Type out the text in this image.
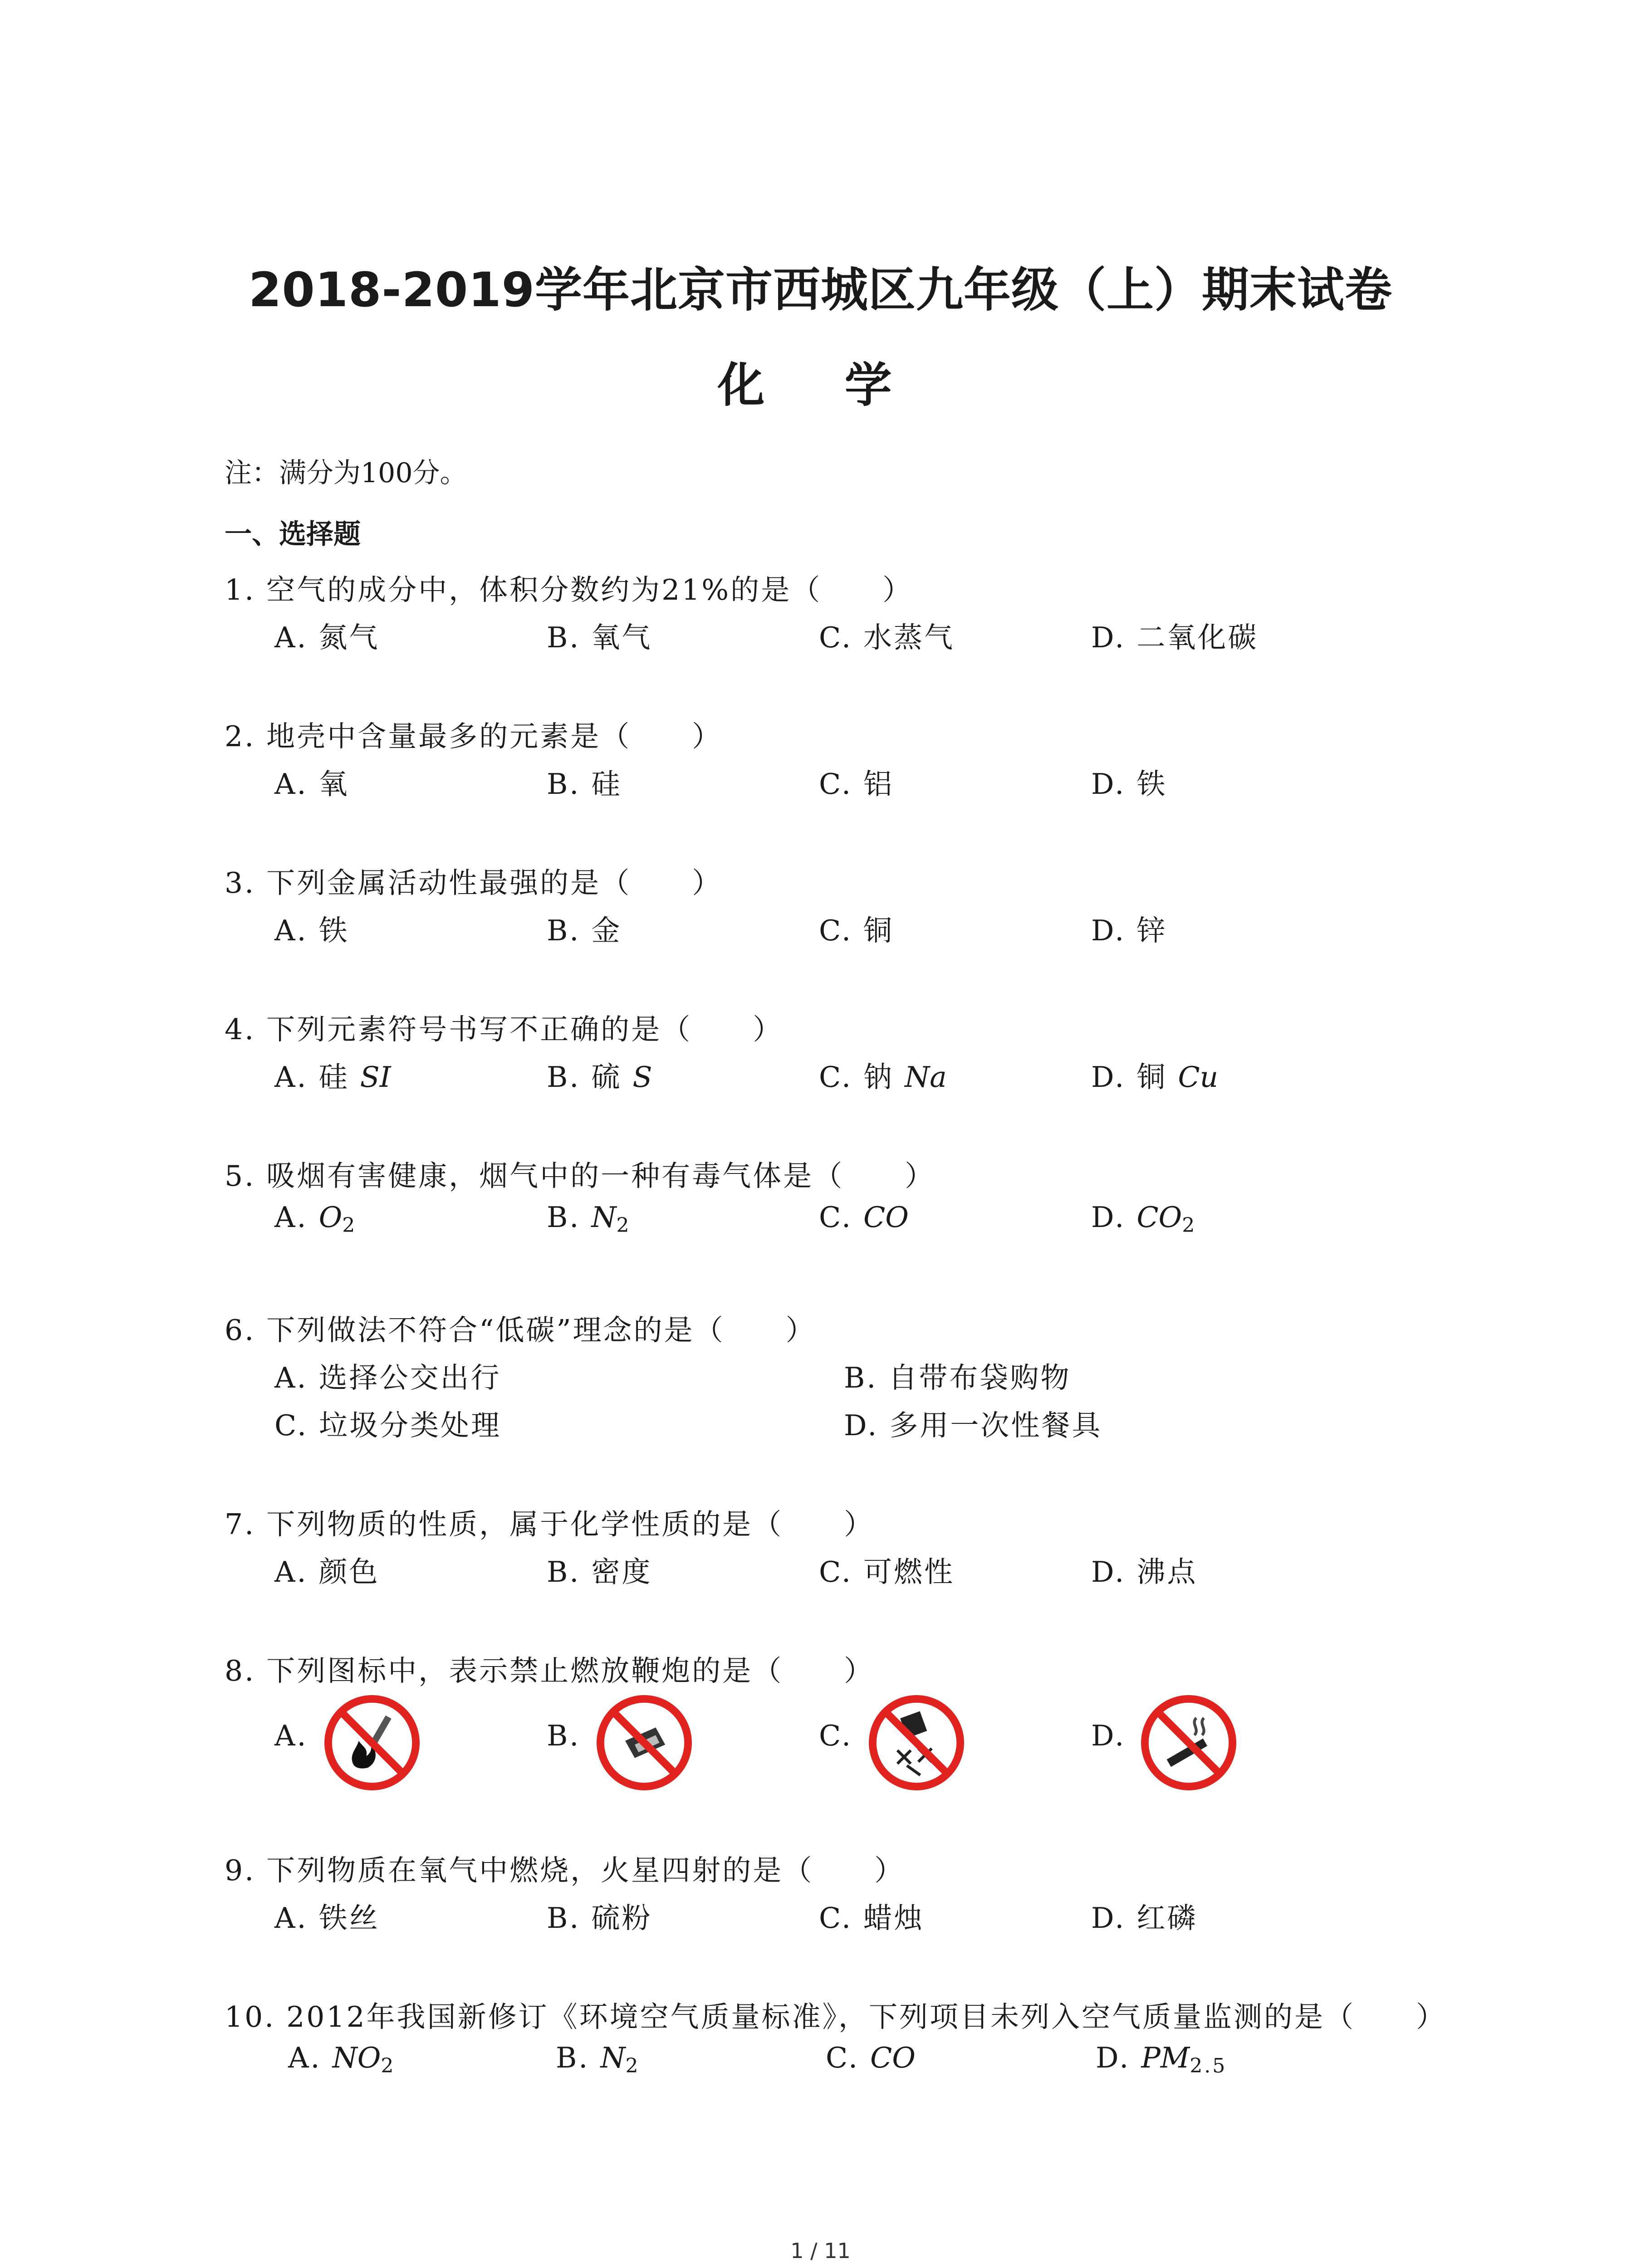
2018-2019学年北京市西城区九年级（上）期末试卷
化 学
注：满分为100分。
一、选择题
1. 空气的成分中，体积分数约为21%的是（　　）
A. 氮气	B. 氧气	C. 水蒸气	D. 二氧化碳
2. 地壳中含量最多的元素是（　　）
A. 氧	B. 硅	C. 铝	D. 铁
3. 下列金属活动性最强的是（　　）
A. 铁	B. 金	C. 铜	D. 锌
4. 下列元素符号书写不正确的是（　　）
A. 硅 SI	B. 硫 S	C. 钠 Na	D. 铜 Cu
5. 吸烟有害健康，烟气中的一种有毒气体是（　　）
A. O2	B. N2	C. CO	D. CO2
6. 下列做法不符合“低碳”理念的是（　　）
A. 选择公交出行	B. 自带布袋购物
C. 垃圾分类处理	D. 多用一次性餐具
7. 下列物质的性质，属于化学性质的是（　　）
A. 颜色	B. 密度	C. 可燃性	D. 沸点
8. 下列图标中，表示禁止燃放鞭炮的是（　　）
A.	B.	C.	D.
9. 下列物质在氧气中燃烧，火星四射的是（　　）
A. 铁丝	B. 硫粉	C. 蜡烛	D. 红磷
10. 2012年我国新修订《环境空气质量标准》，下列项目未列入空气质量监测的是（　　）
A. NO2	B. N2	C. CO	D. PM2.5
1 / 11
